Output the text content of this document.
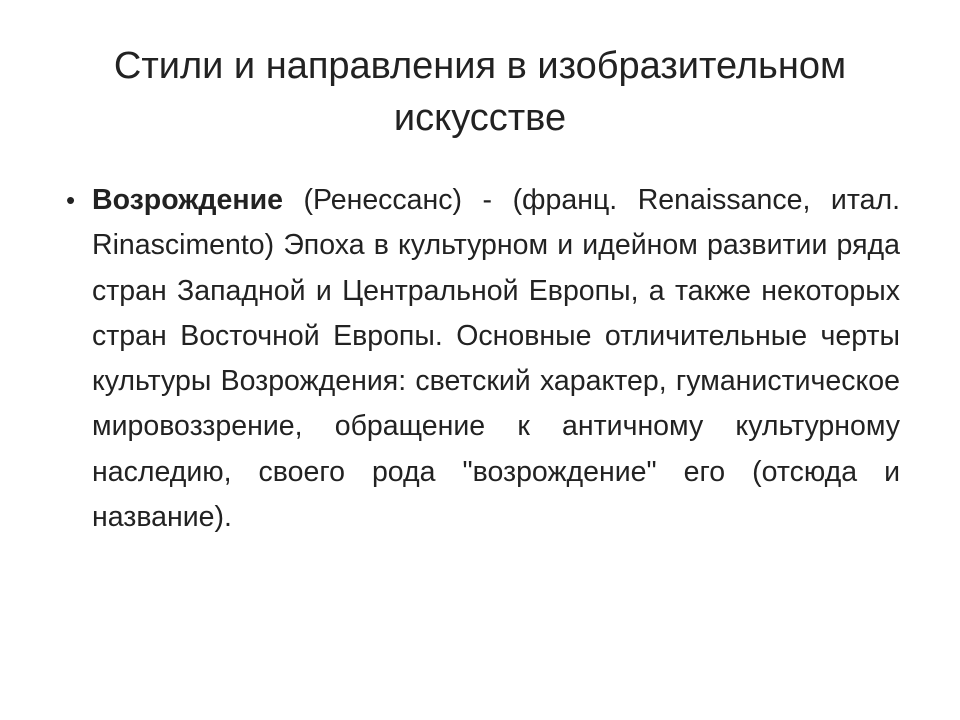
Стили и направления в изобразительном искусстве
• Возрождение (Ренессанс) - (франц. Renaissance, итал. Rinascimento) Эпоха в культурном и идейном развитии ряда стран Западной и Центральной Европы, а также некоторых стран Восточной Европы. Основные отличительные черты культуры Возрождения: светский характер, гуманистическое мировоззрение, обращение к античному культурному наследию, своего рода "возрождение" его (отсюда и название).
